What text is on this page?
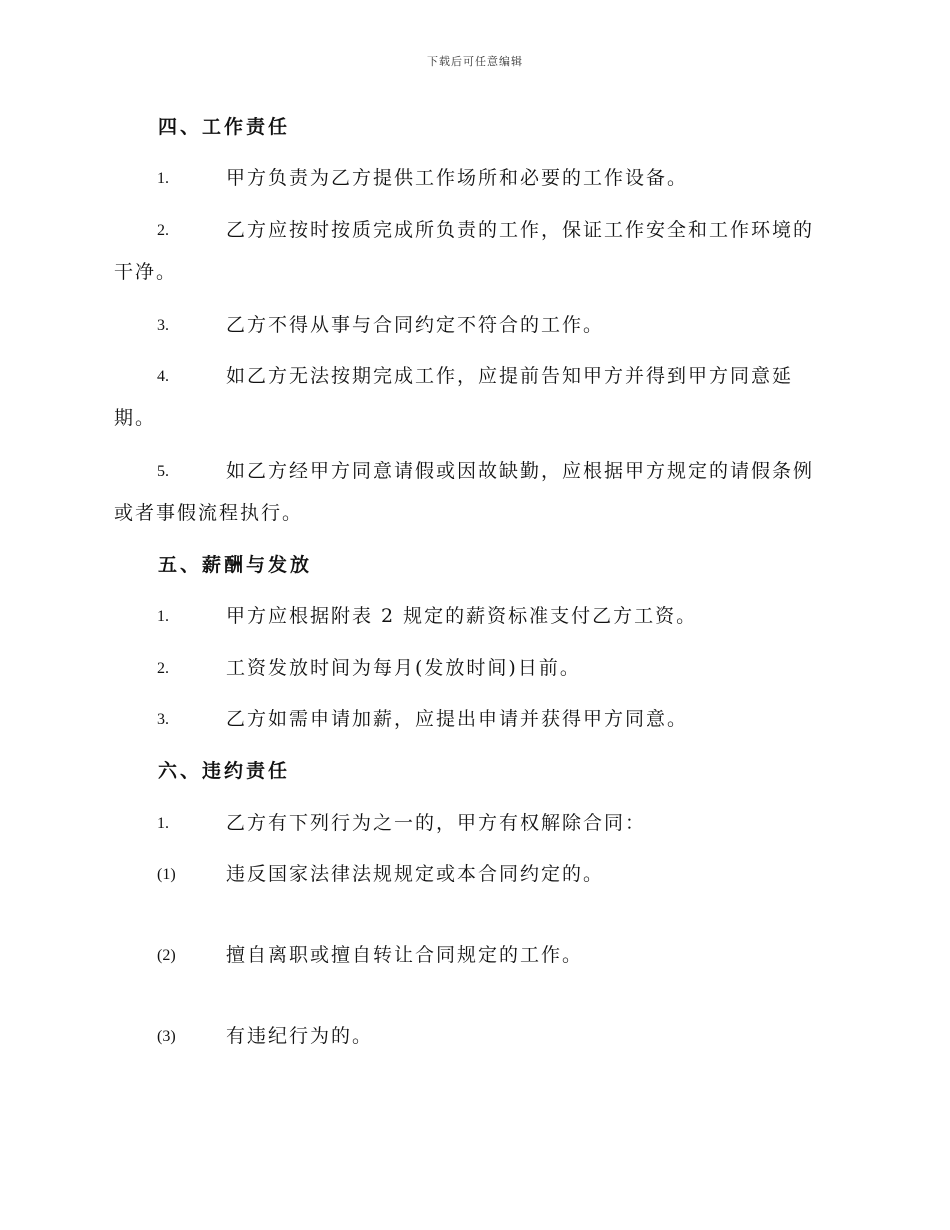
下载后可任意编辑
四、工作责任
1.	甲方负责为乙方提供工作场所和必要的工作设备。
2.	乙方应按时按质完成所负责的工作，保证工作安全和工作环境的
干净。
3.	乙方不得从事与合同约定不符合的工作。
4.	如乙方无法按期完成工作，应提前告知甲方并得到甲方同意延
期。
5.	如乙方经甲方同意请假或因故缺勤，应根据甲方规定的请假条例
或者事假流程执行。
五、薪酬与发放
1.	甲方应根据附表 2 规定的薪资标准支付乙方工资。
2.	工资发放时间为每月(发放时间)日前。
3.	乙方如需申请加薪，应提出申请并获得甲方同意。
六、违约责任
1.	乙方有下列行为之一的，甲方有权解除合同：
(1)	违反国家法律法规规定或本合同约定的。
(2)	擅自离职或擅自转让合同规定的工作。
(3)	有违纪行为的。
